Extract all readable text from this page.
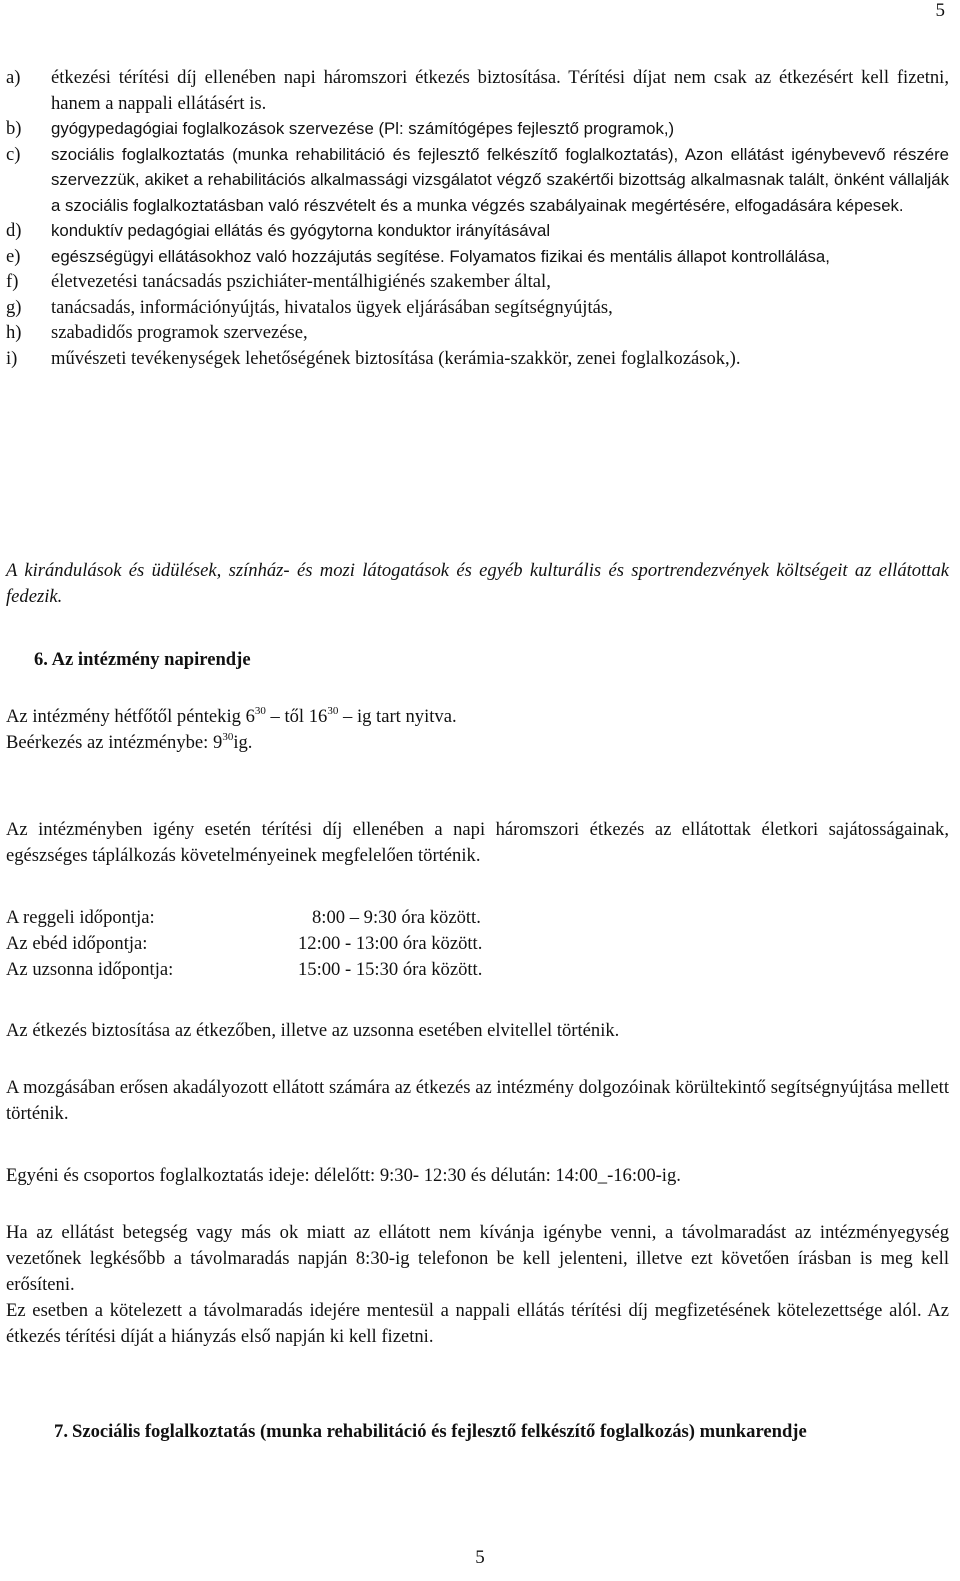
5
a)	étkezési térítési díj ellenében napi háromszori étkezés biztosítása. Térítési díjat nem csak az étkezésért kell fizetni, hanem a nappali ellátásért is.
b)	gyógypedagógiai foglalkozások szervezése (Pl: számítógépes fejlesztő programok,)
c)	szociális foglalkoztatás (munka rehabilitáció és fejlesztő felkészítő foglalkoztatás), Azon ellátást igénybevevő részére szervezzük, akiket a rehabilitációs alkalmassági vizsgálatot végző szakértői bizottság alkalmasnak talált, önként vállalják a szociális foglalkoztatásban való részvételt és a munka végzés szabályainak megértésére, elfogadására képesek.
d)	konduktív pedagógiai ellátás és gyógytorna konduktor irányításával
e)	egészségügyi ellátásokhoz való hozzájutás segítése. Folyamatos fizikai és mentális állapot kontrollálása,
f)	életvezetési tanácsadás pszichiáter-mentálhigiénés szakember által,
g)	tanácsadás, információnyújtás, hivatalos ügyek eljárásában segítségnyújtás,
h)	szabadidős programok szervezése,
i)	művészeti tevékenységek lehetőségének biztosítása (kerámia-szakkör, zenei foglalkozások,).
A kirándulások és üdülések, színház- és mozi látogatások és egyéb kulturális és sportrendezvények költségeit az ellátottak fedezik.
6. Az intézmény napirendje
Az intézmény hétfőtől péntekig $6^{30}$ – től $16^{30}$ – ig tart nyitva.
Beérkezés az intézménybe: $9^{30}ig$.
Az intézményben igény esetén térítési díj ellenében a napi háromszori étkezés az ellátottak életkori sajátosságainak, egészséges táplálkozás követelményeinek megfelelően történik.
A reggeli időpontja:	8:00 – 9:30 óra között.
Az ebéd időpontja:	12:00 - 13:00 óra között.
Az uzsonna időpontja:	15:00 - 15:30 óra között.
Az étkezés biztosítása az étkezőben, illetve az uzsonna esetében elvitellel történik.
A mozgásában erősen akadályozott ellátott számára az étkezés az intézmény dolgozóinak körültekintő segítségnyújtása mellett történik.
Egyéni és csoportos foglalkoztatás ideje: délelőtt: 9:30- 12:30 és délután: 14:00_-16:00-ig.
Ha az ellátást betegség vagy más ok miatt az ellátott nem kívánja igénybe venni, a távolmaradást az intézményegység vezetőnek legkésőbb a távolmaradás napján 8:30-ig telefonon be kell jelenteni, illetve ezt követően írásban is meg kell erősíteni.
Ez esetben a kötelezett a távolmaradás idejére mentesül a nappali ellátás térítési díj megfizetésének kötelezettsége alól. Az étkezés térítési díját a hiányzás első napján ki kell fizetni.
7. Szociális foglalkoztatás (munka rehabilitáció és fejlesztő felkészítő foglalkozás) munkarendje
5
